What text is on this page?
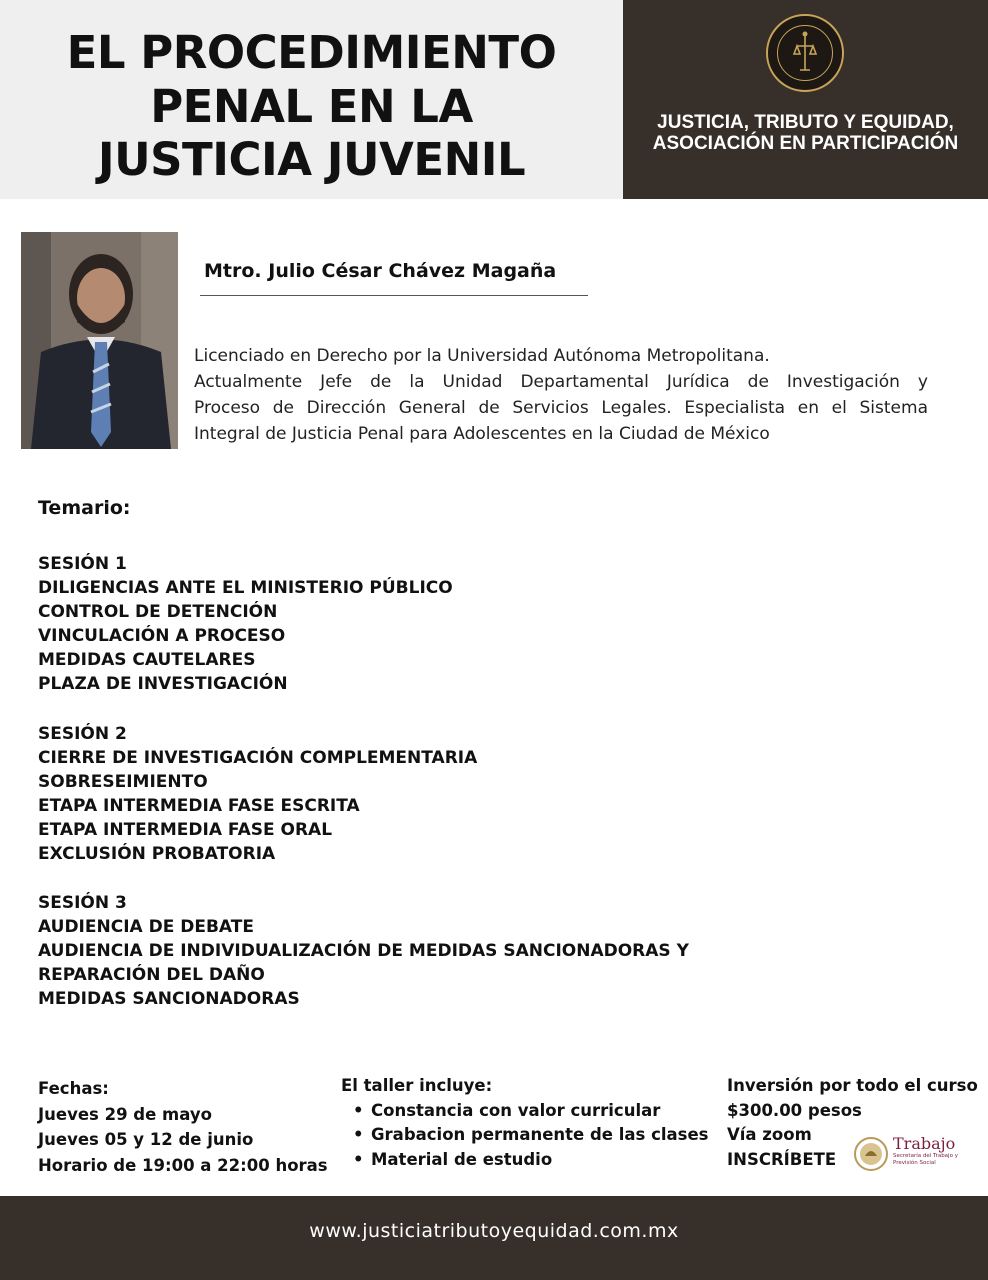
EL PROCEDIMIENTO
PENAL EN LA
JUSTICIA JUVENIL
JUSTICIA, TRIBUTO Y EQUIDAD,
ASOCIACIÓN EN PARTICIPACIÓN
Mtro. Julio César Chávez Magaña
Licenciado en Derecho por la Universidad Autónoma Metropolitana.
Actualmente Jefe de la Unidad Departamental Jurídica de Investigación y
Proceso de Dirección General de Servicios Legales. Especialista en el Sistema
Integral de Justicia Penal para Adolescentes en la Ciudad de México
Temario:
SESIÓN 1
DILIGENCIAS ANTE EL MINISTERIO PÚBLICO
CONTROL DE DETENCIÓN
VINCULACIÓN A PROCESO
MEDIDAS CAUTELARES
PLAZA DE INVESTIGACIÓN
SESIÓN 2
CIERRE DE INVESTIGACIÓN COMPLEMENTARIA
SOBRESEIMIENTO
ETAPA INTERMEDIA FASE ESCRITA
ETAPA INTERMEDIA FASE ORAL
EXCLUSIÓN PROBATORIA
SESIÓN 3
AUDIENCIA DE DEBATE
AUDIENCIA DE INDIVIDUALIZACIÓN DE MEDIDAS SANCIONADORAS Y
REPARACIÓN DEL DAÑO
MEDIDAS SANCIONADORAS
Fechas:
Jueves 29 de mayo
Jueves 05 y 12 de junio
Horario de 19:00 a 22:00 horas
El taller incluye:
• Constancia con valor curricular
• Grabacion permanente de las clases
• Material de estudio
Inversión por todo el curso
$300.00 pesos
Vía zoom
INSCRÍBETE
Trabajo
Secretaría del Trabajo y Previsión Social
www.justiciatributoyequidad.com.mx
